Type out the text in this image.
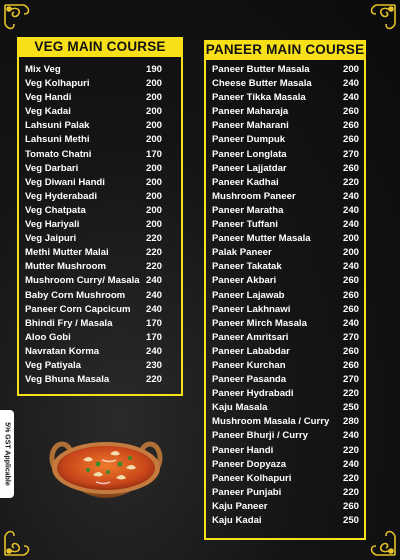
VEG MAIN COURSE
Mix Veg	190
Veg Kolhapuri	200
Veg Handi	200
Veg Kadai	200
Lahsuni Palak	200
Lahsuni Methi	200
Tomato Chatni	170
Veg Darbari	200
Veg Diwani Handi	200
Veg Hyderabadi	200
Veg Chatpata	200
Veg Hariyali	200
Veg Jaipuri	220
Methi Mutter Malai	220
Mutter Mushroom	220
Mushroom Curry/ Masala 240
Baby Corn Mushroom 240
Paneer Corn Capcicum 240
Bhindi Fry / Masala	170
Aloo Gobi	170
Navratan Korma	240
Veg Patiyala	230
Veg Bhuna Masala	220
PANEER MAIN COURSE
Paneer Butter Masala	200
Cheese Butter Masala	240
Paneer Tikka Masala	240
Paneer Maharaja	260
Paneer Maharani	260
Paneer Dumpuk	260
Paneer Longlata	270
Paneer Lajjatdar	260
Paneer Kadhai	220
Mushroom Paneer	240
Paneer Maratha	240
Paneer Tuffani	240
Paneer Mutter Masala	200
Palak Paneer	200
Paneer Takatak	240
Paneer Akbari	260
Paneer Lajawab	260
Paneer Lakhnawi	260
Paneer Mirch Masala	240
Paneer Amritsari	270
Paneer Lababdar	260
Paneer Kurchan	260
Paneer Pasanda	270
Paneer Hydrabadi	220
Kaju Masala	250
Mushroom Masala / Curry 280
Paneer Bhurji / Curry	240
Paneer Handi	220
Paneer Dopyaza	240
Paneer Kolhapuri	220
Paneer Punjabi	220
Kaju Paneer	260
Kaju Kadai	250
5% GST Applicable
